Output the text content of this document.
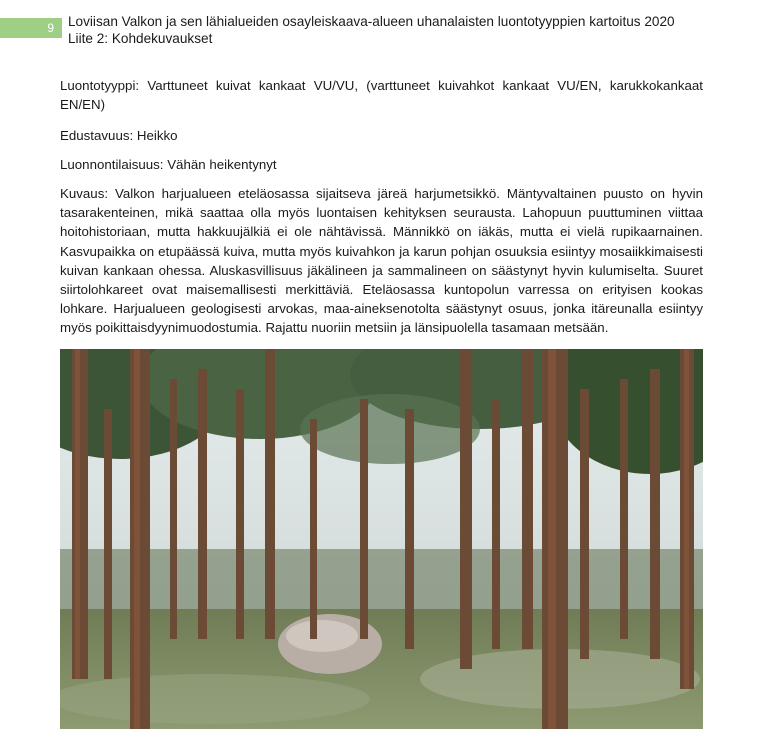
9	Loviisan Valkon ja sen lähialueiden osayleiskaava-alueen uhanalaisten luontotyyppien kartoitus 2020
Liite 2: Kohdekuvaukset

Luontotyyppi: Varttuneet kuivat kankaat VU/VU, (varttuneet kuivahkot kankaat VU/EN, karukkokankaat EN/EN)

Edustavuus: Heikko

Luonnontilaisuus: Vähän heikentynyt

Kuvaus: Valkon harjualueen eteläosassa sijaitseva järeä harjumetsikkö. Mäntyvaltainen puusto on hyvin tasarakenteinen, mikä saattaa olla myös luontaisen kehityksen seurausta. Lahopuun puuttuminen viittaa hoitohistoriaan, mutta hakkuujälkiä ei ole nähtävissä. Männikkö on iäkäs, mutta ei vielä rupikaarnainen. Kasvupaikka on etupäässä kuiva, mutta myös kuivahkon ja karun pohjan osuuksia esiintyy mosaiikkimaisesti kuivan kankaan ohessa. Aluskasvillisuus jäkälineen ja sammalineen on säästynyt hyvin kulumiselta. Suuret siirtolohkareet ovat maisemallisesti merkittäviä. Eteläosassa kuntopolun varressa on erityisen kookas lohkare. Harjualueen geologisesti arvokas, maa-aineksenotolta säästynyt osuus, jonka itäreunalla esiintyy myös poikittaisdyynimuodostumia. Rajattu nuoriin metsiin ja länsipuolella tasamaan metsään.
